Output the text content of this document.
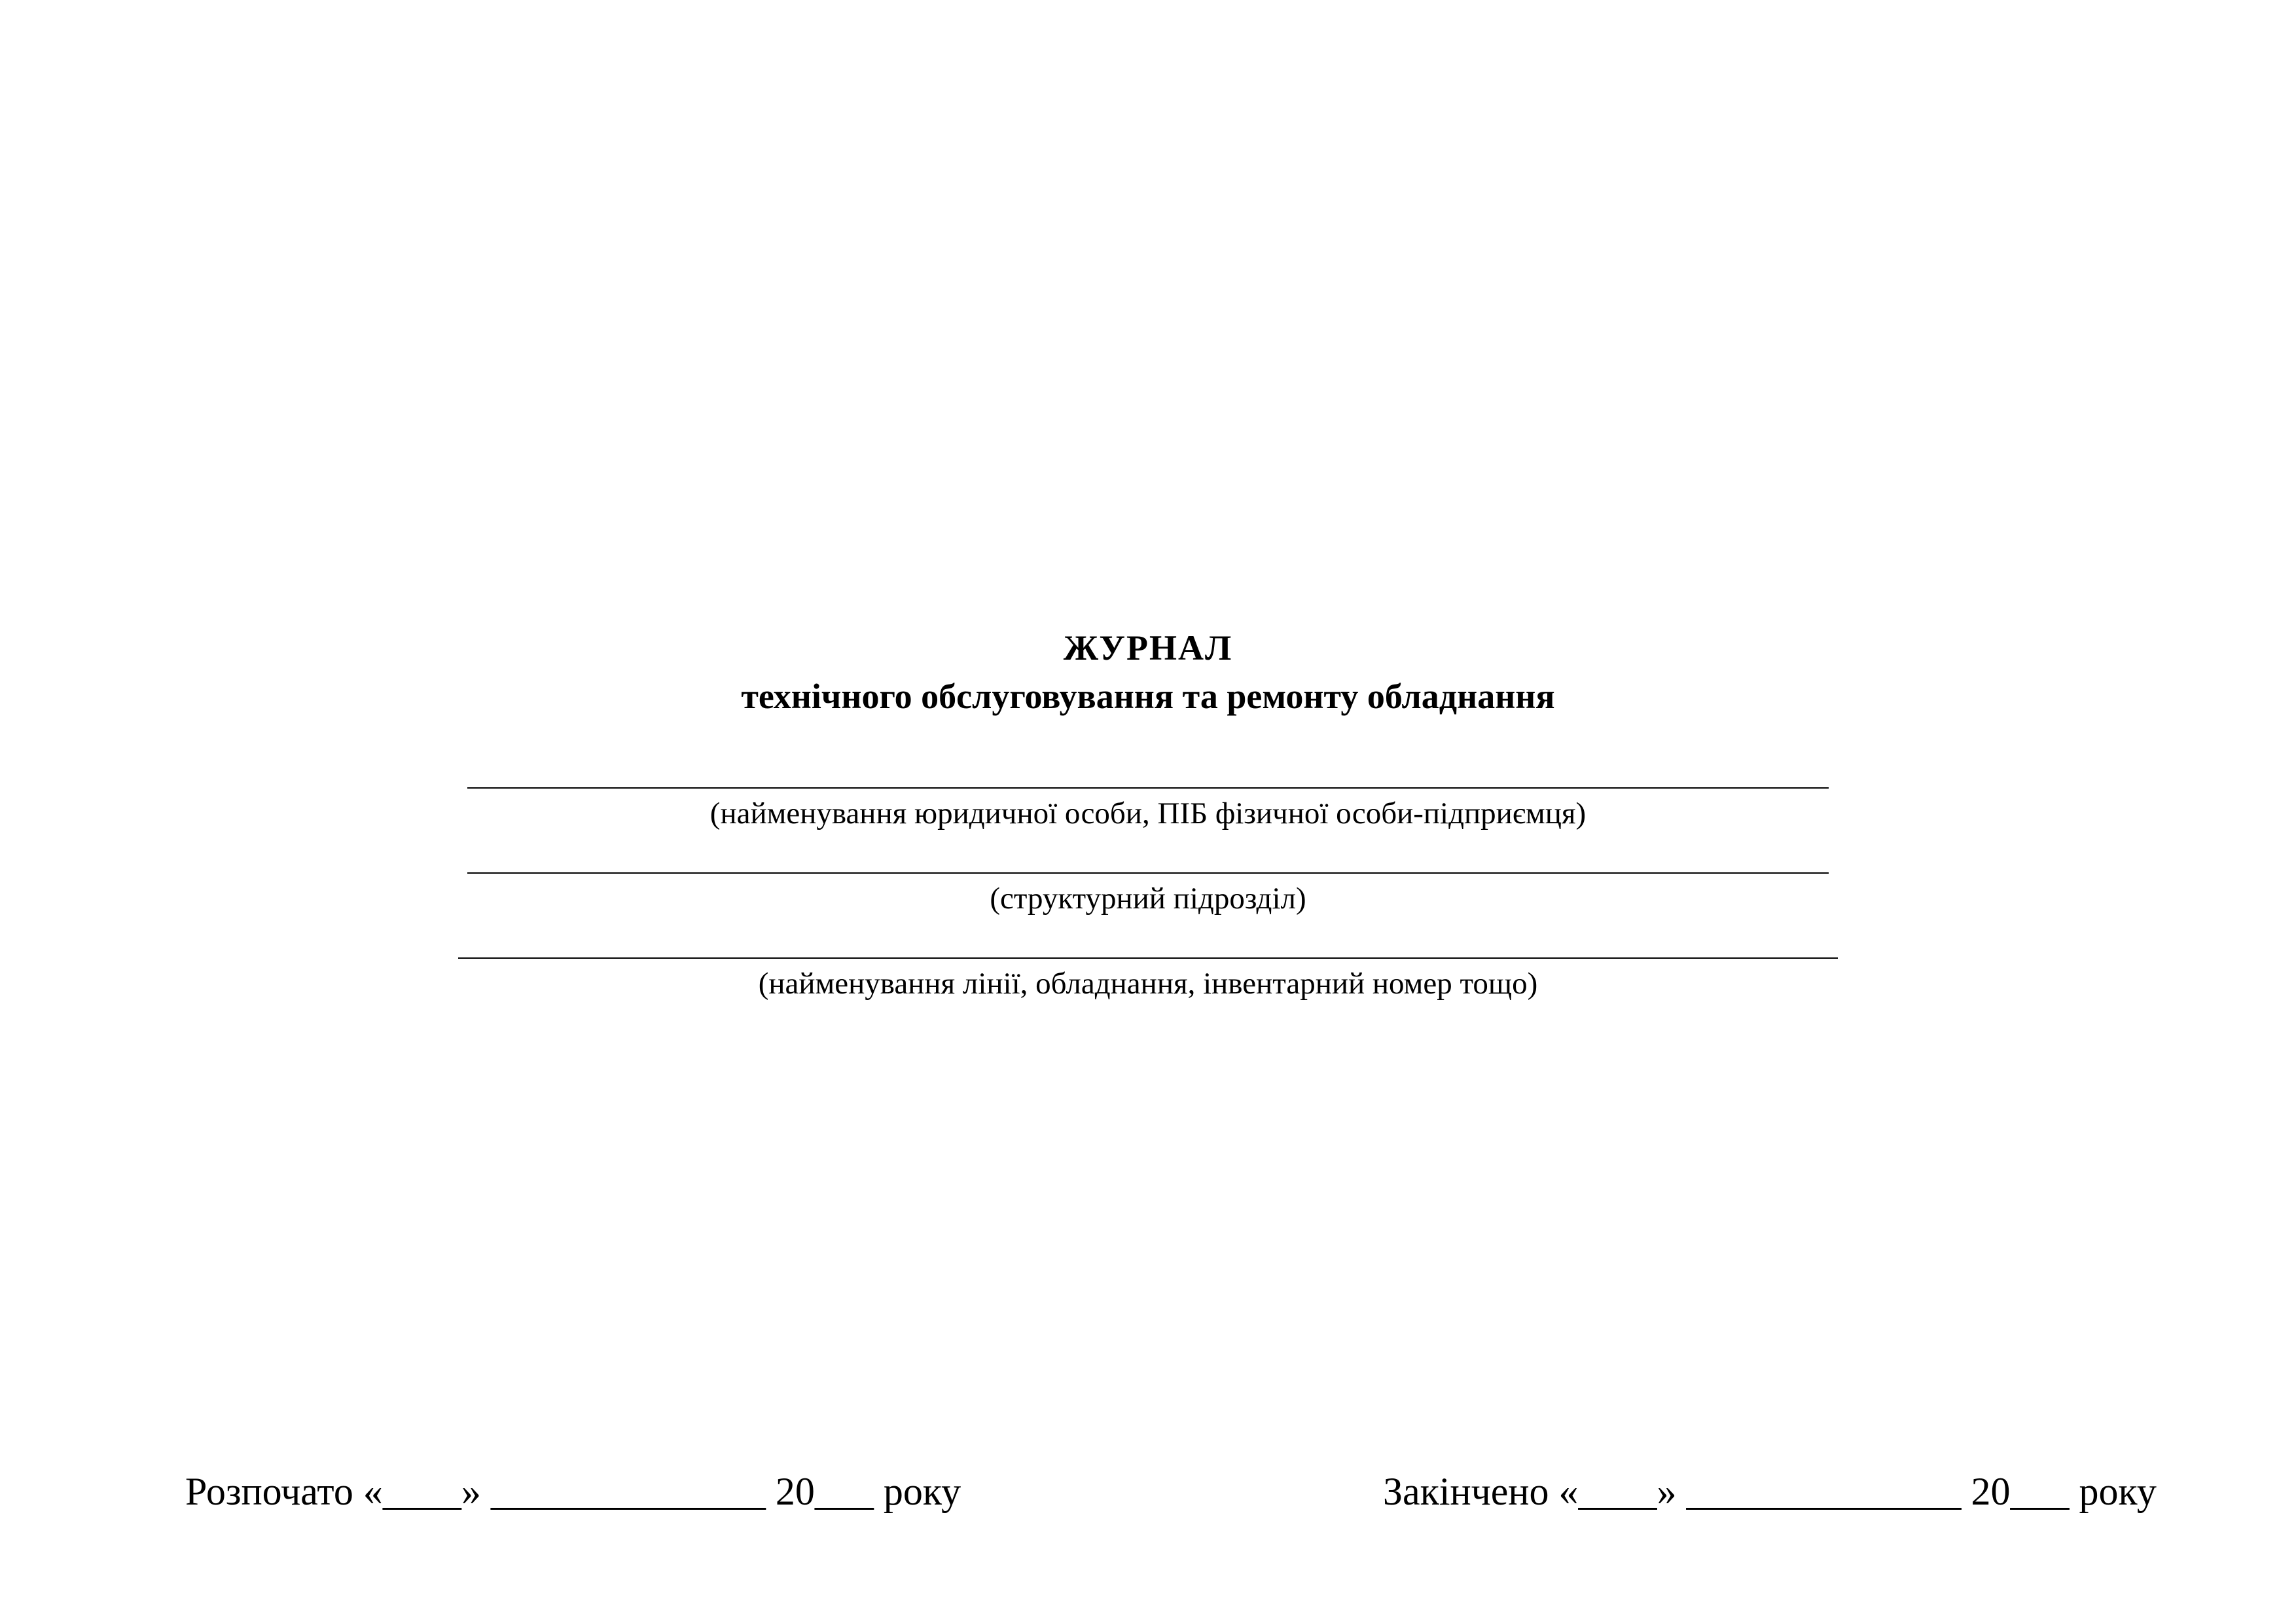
ЖУРНАЛ
технічного обслуговування та ремонту обладнання
(найменування юридичної особи, ПІБ фізичної особи-підприємця)
(структурний підрозділ)
(найменування лінії, обладнання, інвентарний номер тощо)
Розпочато «____» ______________ 20___ року	Закінчено «____» ______________ 20___ року
